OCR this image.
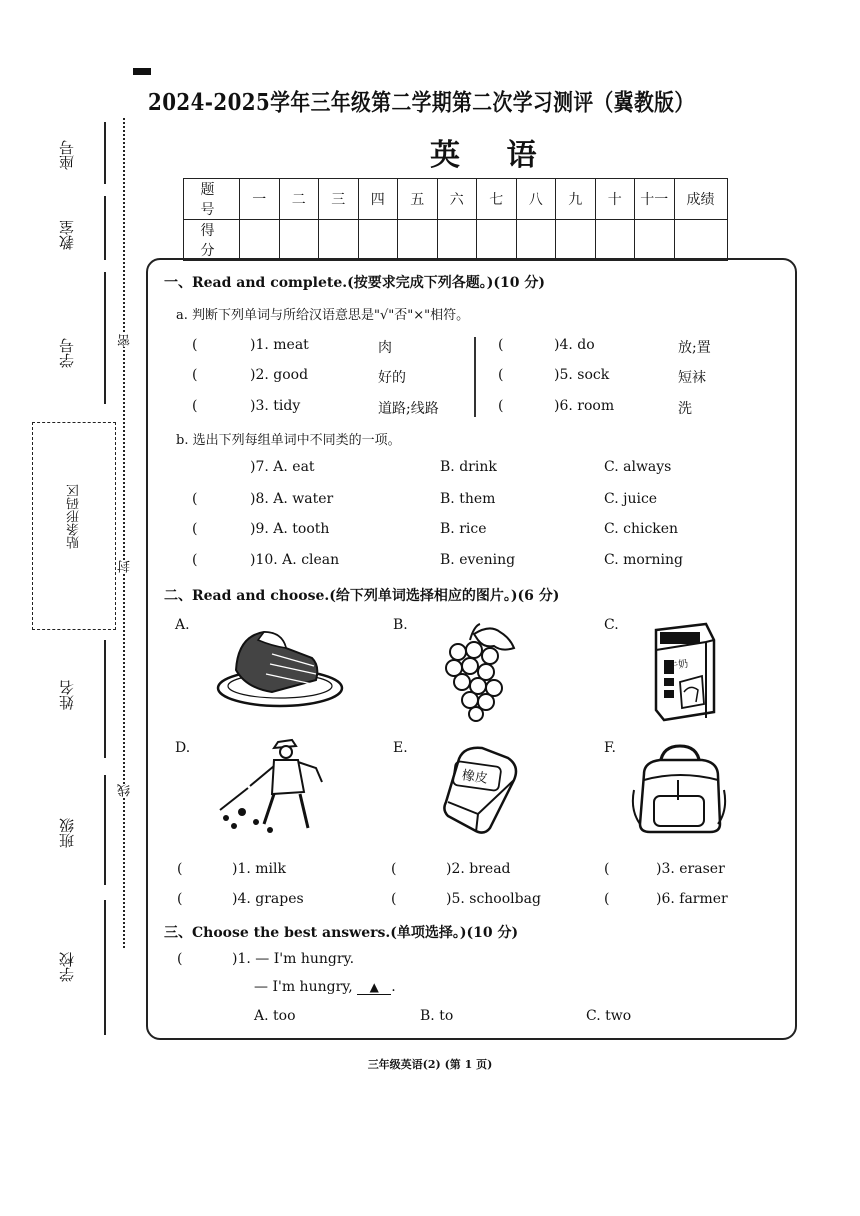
2024-2025学年三年级第二学期第二次学习测评（冀教版）
英 语
题 号	一	二	三	四	五	六	七	八	九	十	十一	成绩
得 分												
座号
教室
学号
贴条形码区
姓名
班级
学校
密
封
线
一、Read and complete.(按要求完成下列各题。)(10 分)
a. 判断下列单词与所给汉语意思是"√"否"×"相符。
(	)1. meat	肉
(	)2. good	好的
(	)3. tidy	道路;线路
(	)4. do	放;置
(	)5. sock	短袜
(	)6. room	洗
b. 选出下列每组单词中不同类的一项。
)7. A. eat	B. drink	C. always
(	)8. A. water	B. them	C. juice
(	)9. A. tooth	B. rice	C. chicken
(	)10. A. clean	B. evening	C. morning
二、Read and choose.(给下列单词选择相应的图片。)(6 分)
A.	B.	C.
D.	E.	F.
牛奶
橡皮
(	)1. milk	(	)2. bread	(	)3. eraser
(	)4. grapes	(	)5. schoolbag	(	)6. farmer
三、Choose the best answers.(单项选择。)(10 分)
(	)1. — I'm hungry.
— I'm hungry, ▲ .
A. too	B. to	C. two
三年级英语(2) (第 1 页)
